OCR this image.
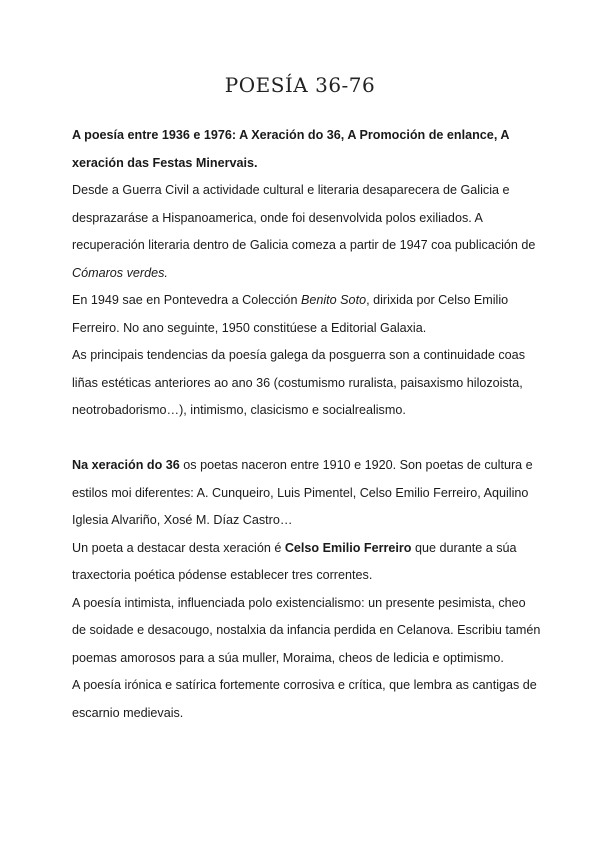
POESÍA 36-76

A poesía entre 1936 e 1976: A Xeración do 36, A Promoción de enlance, A xeración das Festas Minervais.

Desde a Guerra Civil a actividade cultural e literaria desaparecera de Galicia e desprazaráse a Hispanoamerica, onde foi desenvolvida polos exiliados. A recuperación literaria dentro de Galicia comeza a partir de 1947 coa publicación de Cómaros verdes.

En 1949 sae en Pontevedra a Colección Benito Soto, dirixida por Celso Emilio Ferreiro. No ano seguinte, 1950 constitúese a Editorial Galaxia.

As principais tendencias da poesía galega da posguerra son a continuidade coas liñas estéticas anteriores ao ano 36 (costumismo ruralista, paisaxismo hilozoista, neotrobadorismo…), intimismo, clasicismo e socialrealismo.

Na xeración do 36 os poetas naceron entre 1910 e 1920. Son poetas de cultura e estilos moi diferentes: A. Cunqueiro, Luis Pimentel, Celso Emilio Ferreiro, Aquilino Iglesia Alvariño, Xosé M. Díaz Castro…

Un poeta a destacar desta xeración é Celso Emilio Ferreiro que durante a súa traxectoria poética pódense establecer tres correntes.

A poesía intimista, influenciada polo existencialismo: un presente pesimista, cheo de soidade e desacougo, nostalxia da infancia perdida en Celanova. Escribiu tamén poemas amorosos para a súa muller, Moraima, cheos de ledicia e optimismo.

A poesía irónica e satírica fortemente corrosiva e crítica, que lembra as cantigas de escarnio medievais.
